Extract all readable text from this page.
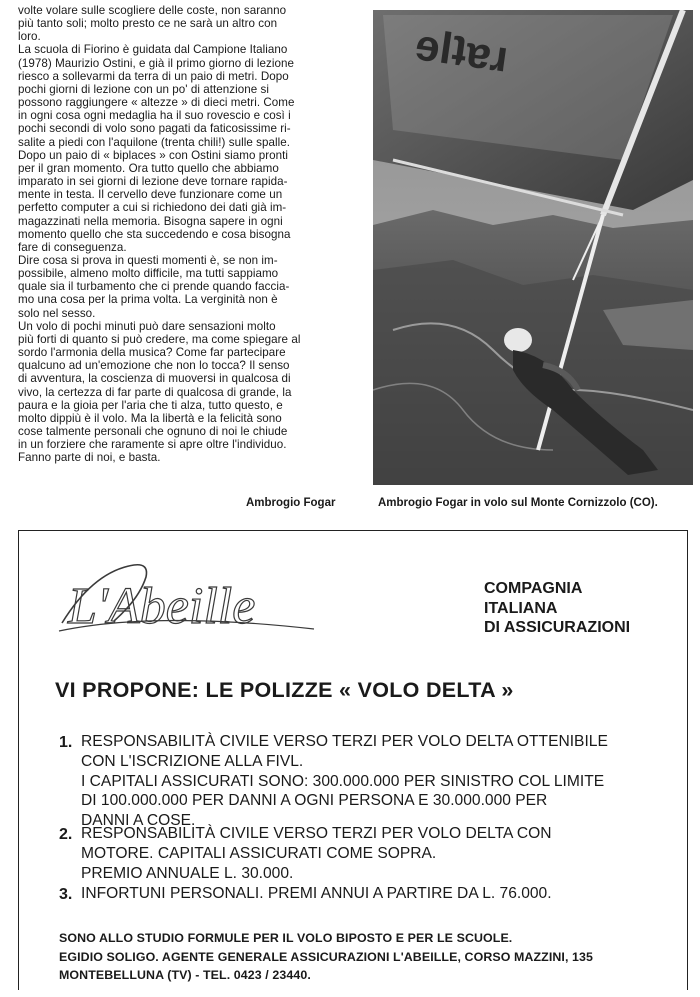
volte volare sulle scogliere delle coste, non saranno
più tanto soli; molto presto ce ne sarà un altro con
loro.
La scuola di Fiorino è guidata dal Campione Italiano
(1978) Maurizio Ostini, e già il primo giorno di lezione
riesco a sollevarmi da terra di un paio di metri. Dopo
pochi giorni di lezione con un po' di attenzione si
possono raggiungere « altezze » di dieci metri. Come
in ogni cosa ogni medaglia ha il suo rovescio e così i
pochi secondi di volo sono pagati da faticosissime ri-
salite a piedi con l'aquilone (trenta chili!) sulle spalle.
Dopo un paio di « biplaces » con Ostini siamo pronti
per il gran momento. Ora tutto quello che abbiamo
imparato in sei giorni di lezione deve tornare rapida-
mente in testa. Il cervello deve funzionare come un
perfetto computer a cui si richiedono dei dati già im-
magazzinati nella memoria. Bisogna sapere in ogni
momento quello che sta succedendo e cosa bisogna
fare di conseguenza.
Dire cosa si prova in questi momenti è, se non im-
possibile, almeno molto difficile, ma tutti sappiamo
quale sia il turbamento che ci prende quando faccia-
mo una cosa per la prima volta. La verginità non è
solo nel sesso.
Un volo di pochi minuti può dare sensazioni molto
più forti di quanto si può credere, ma come spiegare al
sordo l'armonia della musica? Come far partecipare
qualcuno ad un'emozione che non lo tocca? Il senso
di avventura, la coscienza di muoversi in qualcosa di
vivo, la certezza di far parte di qualcosa di grande, la
paura e la gioia per l'aria che ti alza, tutto questo, e
molto dippiù è il volo. Ma la libertà e la felicità sono
cose talmente personali che ognuno di noi le chiude
in un forziere che raramente si apre oltre l'individuo.
Fanno parte di noi, e basta.
ɘlʇɐɹ
Ambrogio Fogar	Ambrogio Fogar in volo sul Monte Cornizzolo (CO).
L'Abeille	COMPAGNIA
ITALIANA
DI ASSICURAZIONI
VI PROPONE: LE POLIZZE « VOLO DELTA »
1. RESPONSABILITÀ CIVILE VERSO TERZI PER VOLO DELTA OTTENIBILE
CON L'ISCRIZIONE ALLA FIVL.
I CAPITALI ASSICURATI SONO: 300.000.000 PER SINISTRO COL LIMITE
DI 100.000.000 PER DANNI A OGNI PERSONA E 30.000.000 PER
DANNI A COSE.
2. RESPONSABILITÀ CIVILE VERSO TERZI PER VOLO DELTA CON
MOTORE. CAPITALI ASSICURATI COME SOPRA.
PREMIO ANNUALE L. 30.000.
3. INFORTUNI PERSONALI. PREMI ANNUI A PARTIRE DA L. 76.000.
SONO ALLO STUDIO FORMULE PER IL VOLO BIPOSTO E PER LE SCUOLE.
EGIDIO SOLIGO. AGENTE GENERALE ASSICURAZIONI L'ABEILLE, CORSO MAZZINI, 135
MONTEBELLUNA (TV) - TEL. 0423 / 23440.
